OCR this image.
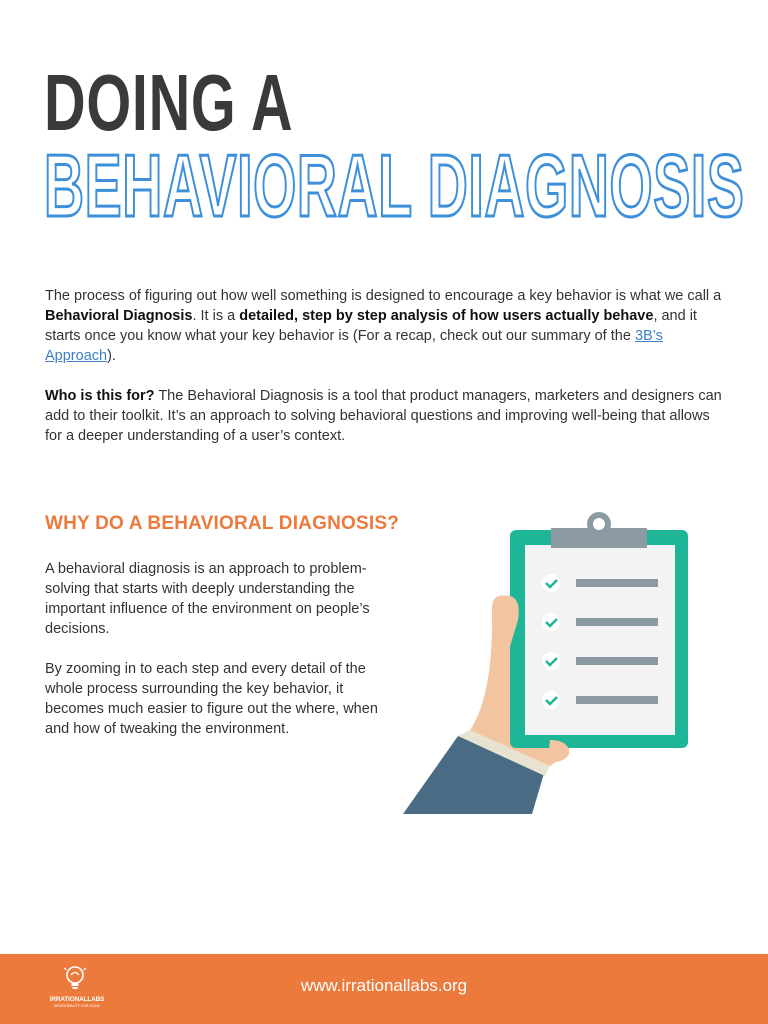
DOING A
BEHAVIORAL DIAGNOSIS

The process of figuring out how well something is designed to encourage a key behavior is what we call a Behavioral Diagnosis. It is a detailed, step by step analysis of how users actually behave, and it starts once you know what your key behavior is (For a recap, check out our summary of the 3B’s Approach).

Who is this for? The Behavioral Diagnosis is a tool that product managers, marketers and designers can add to their toolkit. It’s an approach to solving behavioral questions and improving well-being that allows for a deeper understanding of a user’s context.

WHY DO A BEHAVIORAL DIAGNOSIS?

A behavioral diagnosis is an approach to problem-solving that starts with deeply understanding the important influence of the environment on people’s decisions.

By zooming in to each step and every detail of the whole process surrounding the key behavior, it becomes much easier to figure out the where, when and how of tweaking the environment.

IRRATIONALLABS
IRRATIONALITY FOR GOOD
www.irrationallabs.org
